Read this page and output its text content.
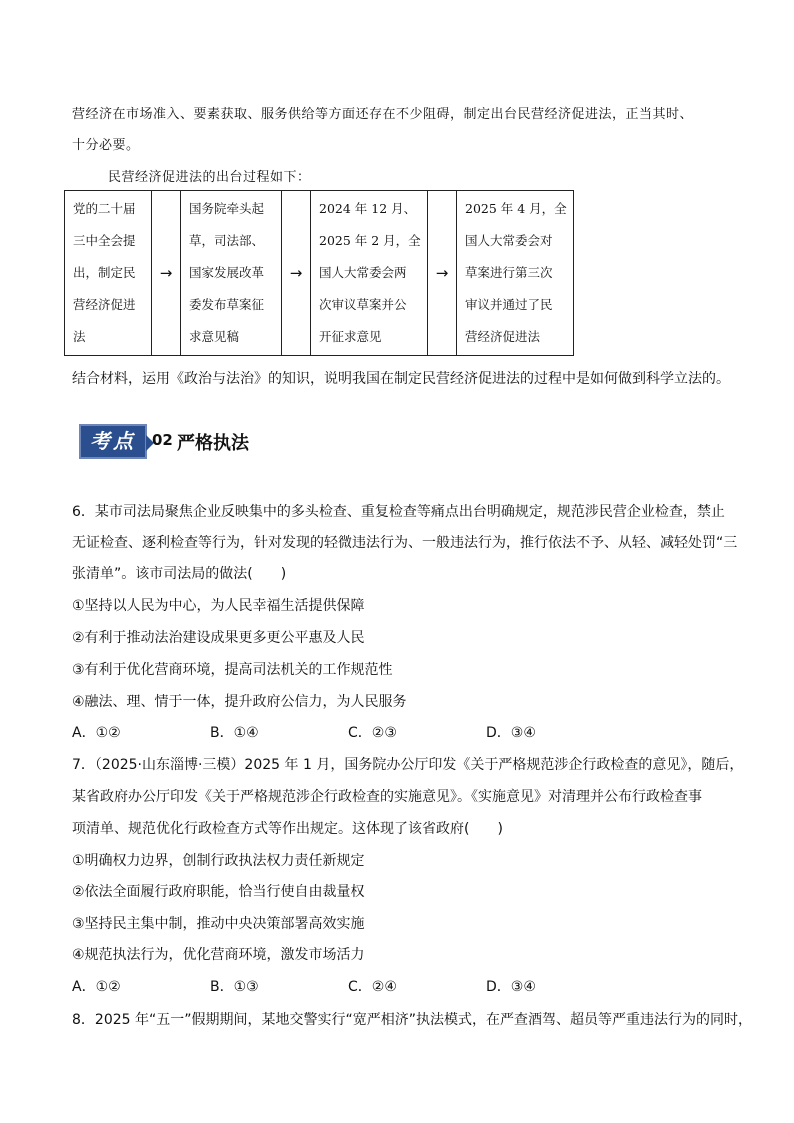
营经济在市场准入、要素获取、服务供给等方面还存在不少阻碍，制定出台民营经济促进法，正当其时、
十分必要。
民营经济促进法的出台过程如下：
党的二十届
三中全会提
出，制定民
营经济促进
法
	→	
国务院牵头起
草，司法部、
国家发展改革
委发布草案征
求意见稿
	→	
2024 年 12 月、
2025 年 2 月，全
国人大常委会两
次审议草案并公
开征求意见
	→	
2025 年 4 月，全
国人大常委会对
草案进行第三次
审议并通过了民
营经济促进法
结合材料，运用《政治与法治》的知识，说明我国在制定民营经济促进法的过程中是如何做到科学立法的。
考点	02 严格执法
6．某市司法局聚焦企业反映集中的多头检查、重复检查等痛点出台明确规定，规范涉民营企业检查，禁止
无证检查、逐利检查等行为，针对发现的轻微违法行为、一般违法行为，推行依法不予、从轻、减轻处罚“三
张清单”。该市司法局的做法(　　)
①坚持以人民为中心，为人民幸福生活提供保障
②有利于推动法治建设成果更多更公平惠及人民
③有利于优化营商环境，提高司法机关的工作规范性
④融法、理、情于一体，提升政府公信力，为人民服务
A．①②	B．①④	C．②③	D．③④
7．（2025·山东淄博·三模）2025 年 1 月，国务院办公厅印发《关于严格规范涉企行政检查的意见》，随后，
某省政府办公厅印发《关于严格规范涉企行政检查的实施意见》。《实施意见》对清理并公布行政检查事
项清单、规范优化行政检查方式等作出规定。这体现了该省政府(　　)
①明确权力边界，创制行政执法权力责任新规定
②依法全面履行政府职能，恰当行使自由裁量权
③坚持民主集中制，推动中央决策部署高效实施
④规范执法行为，优化营商环境，激发市场活力
A．①②	B．①③	C．②④	D．③④
8．2025 年“五一”假期期间，某地交警实行“宽严相济”执法模式，在严查酒驾、超员等严重违法行为的同时，
